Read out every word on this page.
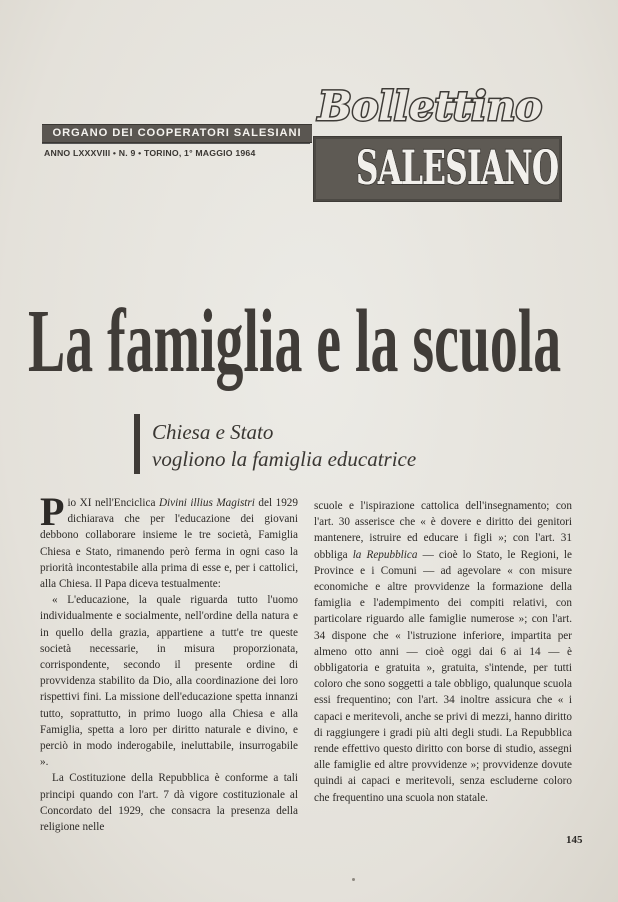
ORGANO DEI COOPERATORI SALESIANI
ANNO LXXXVIII • N. 9 • TORINO, 1° MAGGIO 1964
Bollettino
SALESIANO
La famiglia e la scuola
Chiesa e Stato
vogliono la famiglia educatrice

Pio XI nell'Enciclica Divini illius Magistri del 1929 dichiarava che per l'educazione dei giovani debbono collaborare insieme le tre società, Famiglia Chiesa e Stato, rimanendo però ferma in ogni caso la priorità incontestabile alla prima di esse e, per i cattolici, alla Chiesa. Il Papa diceva testualmente:

« L'educazione, la quale riguarda tutto l'uomo individualmente e socialmente, nell'ordine della natura e in quello della grazia, appartiene a tutt'e tre queste società necessarie, in misura proporzionata, corrispondente, secondo il presente ordine di provvidenza stabilito da Dio, alla coordinazione dei loro rispettivi fini. La missione dell'educazione spetta innanzi tutto, soprattutto, in primo luogo alla Chiesa e alla Famiglia, spetta a loro per diritto naturale e divino, e perciò in modo inderogabile, ineluttabile, insurrogabile ».

La Costituzione della Repubblica è conforme a tali principi quando con l'art. 7 dà vigore costituzionale al Concordato del 1929, che consacra la presenza della religione nelle

scuole e l'ispirazione cattolica dell'insegnamento; con l'art. 30 asserisce che « è dovere e diritto dei genitori mantenere, istruire ed educare i figli »; con l'art. 31 obbliga la Repubblica — cioè lo Stato, le Regioni, le Province e i Comuni — ad agevolare « con misure economiche e altre provvidenze la formazione della famiglia e l'adempimento dei compiti relativi, con particolare riguardo alle famiglie numerose »; con l'art. 34 dispone che « l'istruzione inferiore, impartita per almeno otto anni — cioè oggi dai 6 ai 14 — è obbligatoria e gratuita », gratuita, s'intende, per tutti coloro che sono soggetti a tale obbligo, qualunque scuola essi frequentino; con l'art. 34 inoltre assicura che « i capaci e meritevoli, anche se privi di mezzi, hanno diritto di raggiungere i gradi più alti degli studi. La Repubblica rende effettivo questo diritto con borse di studio, assegni alle famiglie ed altre provvidenze »; provvidenze dovute quindi ai capaci e meritevoli, senza escluderne coloro che frequentino una scuola non statale.

145
